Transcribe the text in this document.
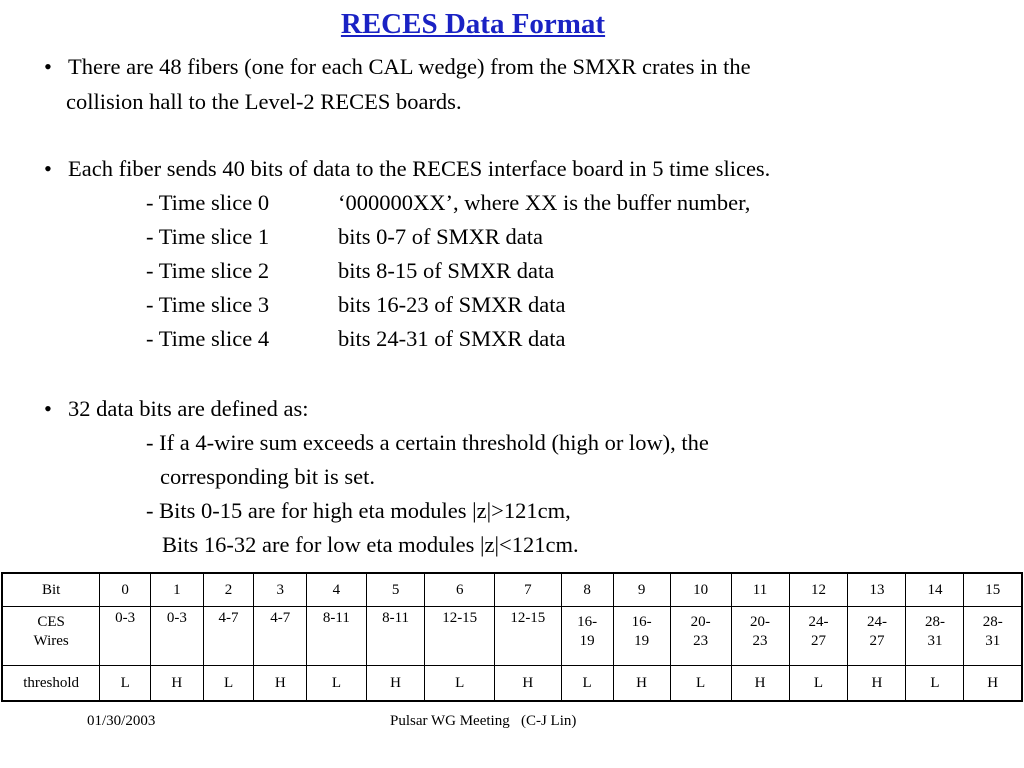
RECES Data Format
• There are 48 fibers (one for each CAL wedge) from the SMXR crates in the
collision hall to the Level-2 RECES boards.
• Each fiber sends 40 bits of data to the RECES interface board in 5 time slices.
- Time slice 0	‘000000XX’, where XX is the buffer number,
- Time slice 1	bits 0-7 of SMXR data
- Time slice 2	bits 8-15 of SMXR data
- Time slice 3	bits 16-23 of SMXR data
- Time slice 4	bits 24-31 of SMXR data
• 32 data bits are defined as:
- If a 4-wire sum exceeds a certain threshold (high or low), the
corresponding bit is set.
- Bits 0-15 are for high eta modules |z|>121cm,
Bits 16-32 are for low eta modules |z|<121cm.
Bit	0	1	2	3	4	5	6	7	8	9	10	11	12	13	14	15
CES Wires	0-3	0-3	4-7	4-7	8-11	8-11	12-15	12-15	16-19	16-19	20-23	20-23	24-27	24-27	28-31	28-31
threshold	L	H	L	H	L	H	L	H	L	H	L	H	L	H	L	H
01/30/2003	Pulsar WG Meeting   (C-J Lin)
